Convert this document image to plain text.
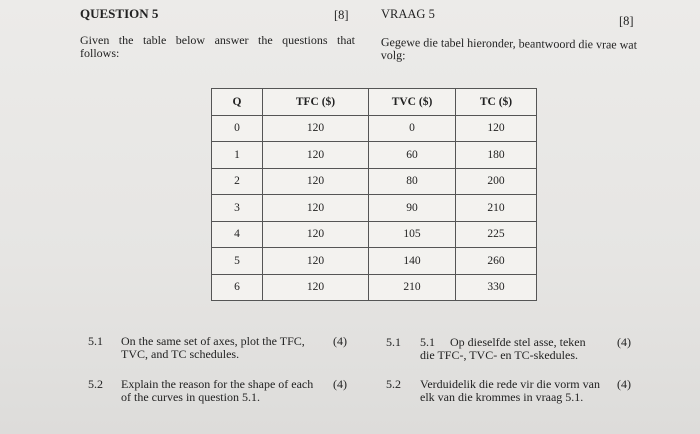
QUESTION 5	[8]	VRAAG 5	[8]
Given the table below answer the questions that
follows:
Gegewe die tabel hieronder, beantwoord die vrae wat
volg:
Q	TFC ($)	TVC ($)	TC ($)
0	120	0	120
1	120	60	180
2	120	80	200
3	120	90	210
4	120	105	225
5	120	140	260
6	120	210	330
5.1 On the same set of axes, plot the TFC,
TVC, and TC schedules.
(4)
5.2 Explain the reason for the shape of each
of the curves in question 5.1.
(4)
5.1 5.1     Op dieselfde stel asse, teken
die TFC-, TVC- en TC-skedules.
(4)
5.2 Verduidelik die rede vir die vorm van
elk van die krommes in vraag 5.1.
(4)
